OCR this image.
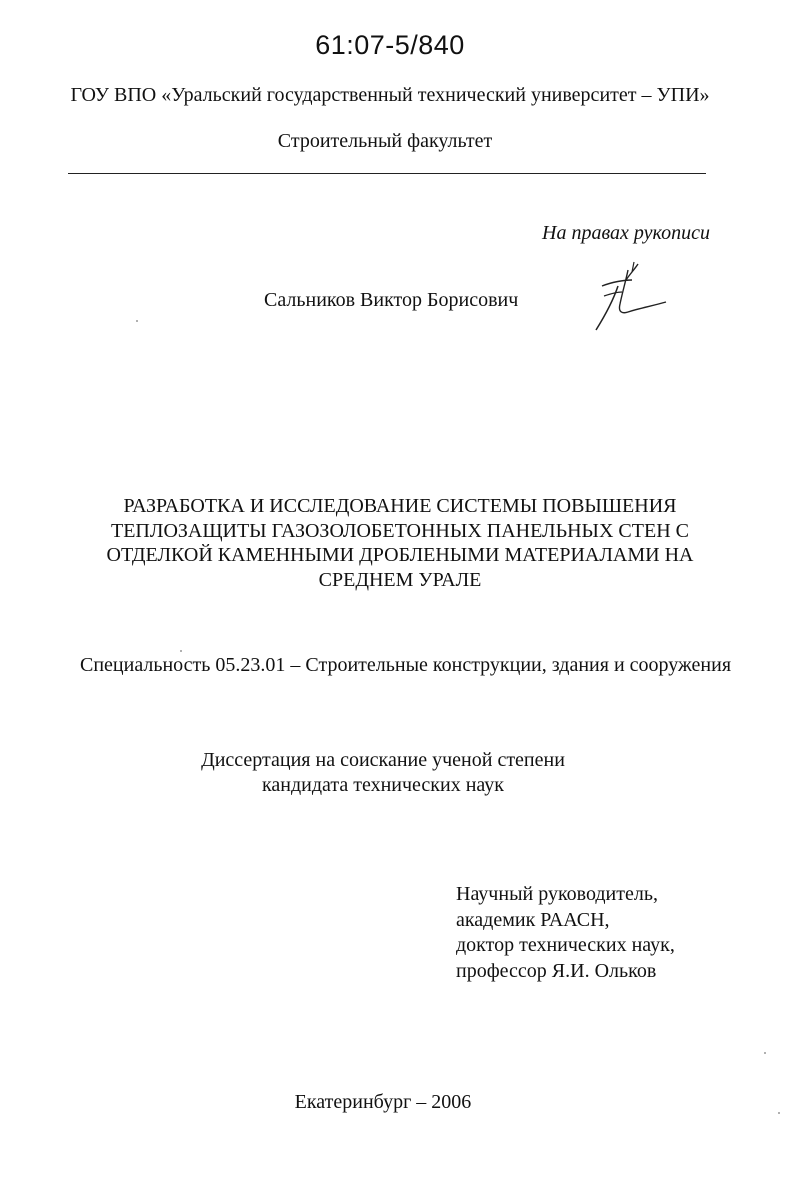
61:07-5/840
ГОУ ВПО «Уральский государственный технический университет – УПИ»
Строительный факультет
На правах рукописи
Сальников Виктор Борисович
РАЗРАБОТКА И ИССЛЕДОВАНИЕ СИСТЕМЫ ПОВЫШЕНИЯ
ТЕПЛОЗАЩИТЫ ГАЗОЗОЛОБЕТОННЫХ ПАНЕЛЬНЫХ СТЕН С
ОТДЕЛКОЙ КАМЕННЫМИ ДРОБЛЕНЫМИ МАТЕРИАЛАМИ НА
СРЕДНЕМ УРАЛЕ
Специальность 05.23.01 – Строительные конструкции, здания и сооружения
Диссертация на соискание ученой степени
кандидата технических наук
Научный руководитель,
академик РААСН,
доктор технических наук,
профессор Я.И. Ольков
Екатеринбург – 2006
